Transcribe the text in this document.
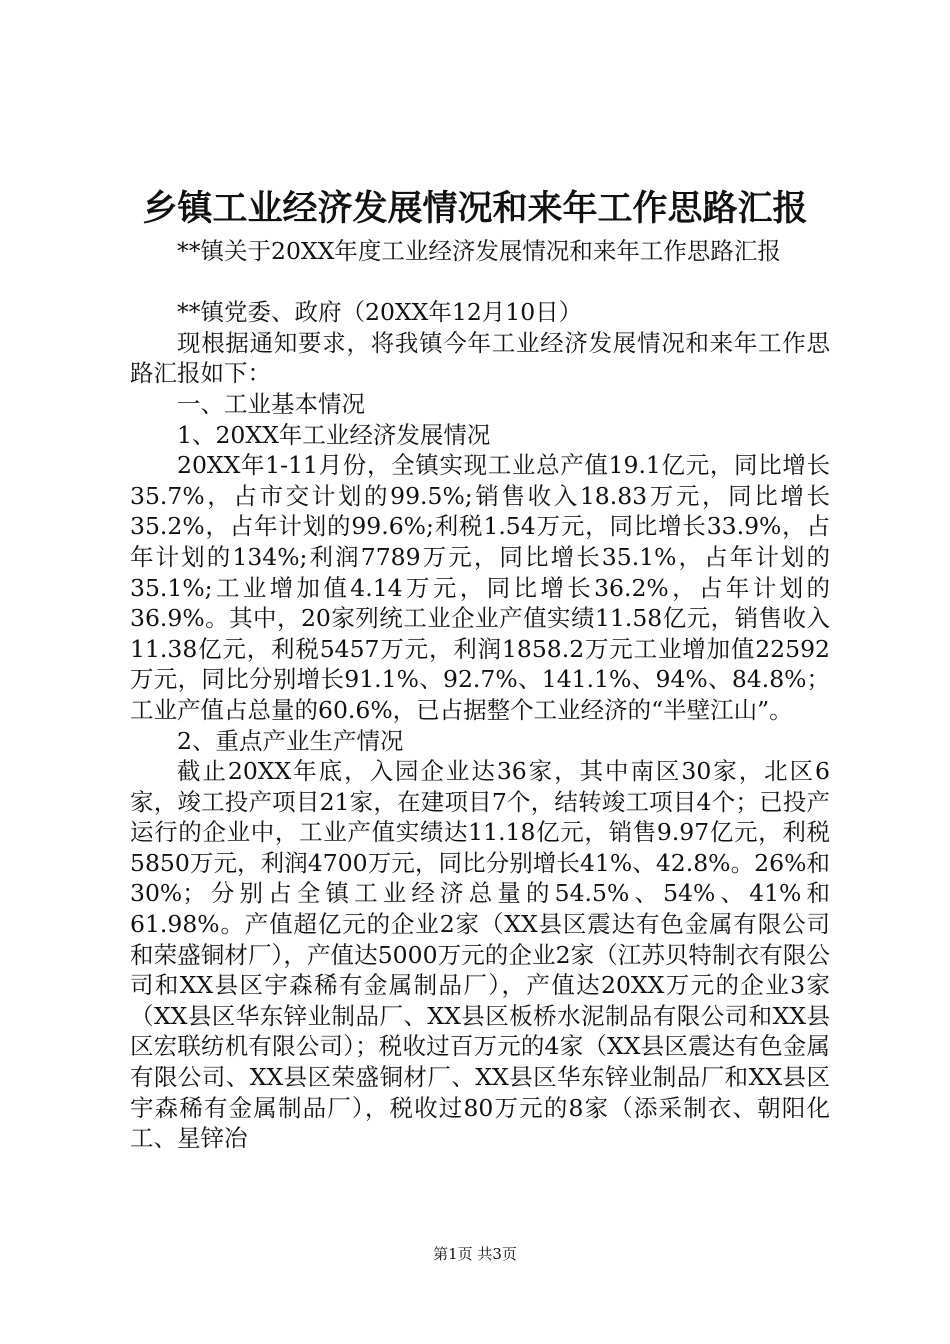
乡镇工业经济发展情况和来年工作思路汇报

**镇关于20XX年度工业经济发展情况和来年工作思路汇报

**镇党委、政府（20XX年12月10日）

现根据通知要求，将我镇今年工业经济发展情况和来年工作思路汇报如下：

一、工业基本情况

1、20XX年工业经济发展情况

20XX年1-11月份，全镇实现工业总产值19.1亿元，同比增长35.7%，占市交计划的99.5%;销售收入18.83万元，同比增长35.2%，占年计划的99.6%;利税1.54万元，同比增长33.9%，占年计划的134%;利润7789万元，同比增长35.1%，占年计划的35.1%;工业增加值4.14万元，同比增长36.2%，占年计划的36.9%。其中，20家列统工业企业产值实绩11.58亿元，销售收入11.38亿元，利税5457万元，利润1858.2万元工业增加值22592万元，同比分别增长91.1%、92.7%、141.1%、94%、84.8%；工业产值占总量的60.6%，已占据整个工业经济的“半壁江山”。

2、重点产业生产情况

截止20XX年底，入园企业达36家，其中南区30家，北区6家，竣工投产项目21家，在建项目7个，结转竣工项目4个；已投产运行的企业中，工业产值实绩达11.18亿元，销售9.97亿元，利税5850万元，利润4700万元，同比分别增长41%、42.8%。26%和30%；分别占全镇工业经济总量的54.5%、54%、41%和61.98%。产值超亿元的企业2家（XX县区震达有色金属有限公司和荣盛铜材厂），产值达5000万元的企业2家（江苏贝特制衣有限公司和XX县区宇森稀有金属制品厂），产值达20XX万元的企业3家（XX县区华东锌业制品厂、XX县区板桥水泥制品有限公司和XX县区宏联纺机有限公司）；税收过百万元的4家（XX县区震达有色金属有限公司、XX县区荣盛铜材厂、XX县区华东锌业制品厂和XX县区宇森稀有金属制品厂），税收过80万元的8家（添采制衣、朝阳化工、星锌冶

第1页 共3页
